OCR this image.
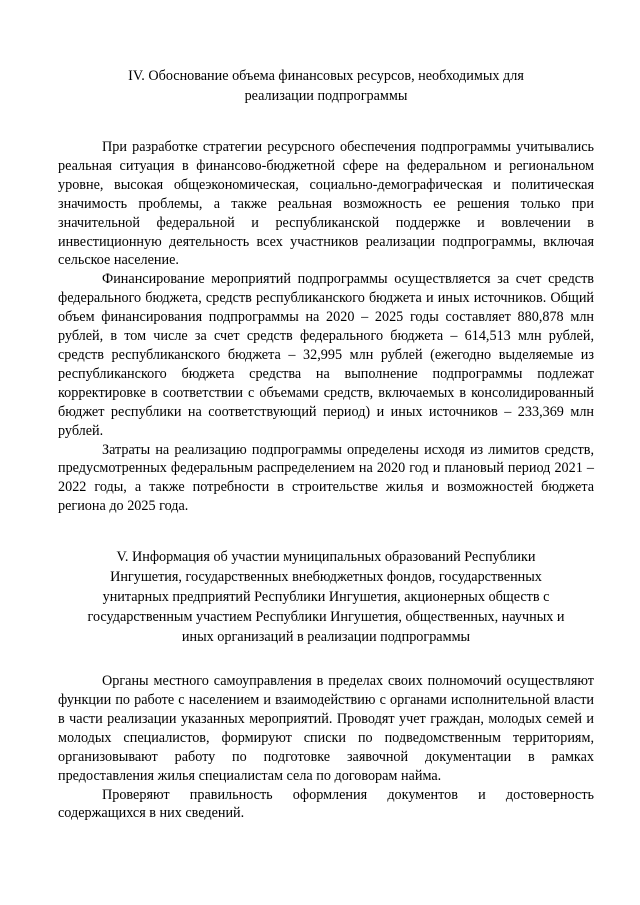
IV. Обоснование объема финансовых ресурсов, необходимых для

реализации подпрограммы

При разработке стратегии ресурсного обеспечения подпрограммы учитывались реальная ситуация в финансово-бюджетной сфере на федеральном и региональном уровне, высокая общеэкономическая, социально-демографическая и политическая значимость проблемы, а также реальная возможность ее решения только при значительной федеральной и республиканской поддержке и вовлечении в инвестиционную деятельность всех участников реализации подпрограммы, включая сельское население.

Финансирование мероприятий подпрограммы осуществляется за счет средств федерального бюджета, средств республиканского бюджета и иных источников. Общий объем финансирования подпрограммы на 2020 – 2025 годы составляет 880,878 млн рублей, в том числе за счет средств федерального бюджета – 614,513 млн рублей, средств республиканского бюджета – 32,995 млн рублей (ежегодно выделяемые из республиканского бюджета средства на выполнение подпрограммы подлежат корректировке в соответствии с объемами средств, включаемых в консолидированный бюджет республики на соответствующий период) и иных источников – 233,369 млн рублей.

Затраты на реализацию подпрограммы определены исходя из лимитов средств, предусмотренных федеральным распределением на 2020 год и плановый период 2021 – 2022 годы, а также потребности в строительстве жилья и возможностей бюджета региона до 2025 года.

V. Информация об участии муниципальных образований Республики

Ингушетия, государственных внебюджетных фондов, государственных

унитарных предприятий Республики Ингушетия, акционерных обществ с

государственным участием Республики Ингушетия, общественных, научных и

иных организаций в реализации подпрограммы

Органы местного самоуправления в пределах своих полномочий осуществляют функции по работе с населением и взаимодействию с органами исполнительной власти в части реализации указанных мероприятий. Проводят учет граждан, молодых семей и молодых специалистов, формируют списки по подведомственным территориям, организовывают работу по подготовке заявочной документации в рамках предоставления жилья специалистам села по договорам найма.

Проверяют правильность оформления документов и достоверность содержащихся в них сведений.
